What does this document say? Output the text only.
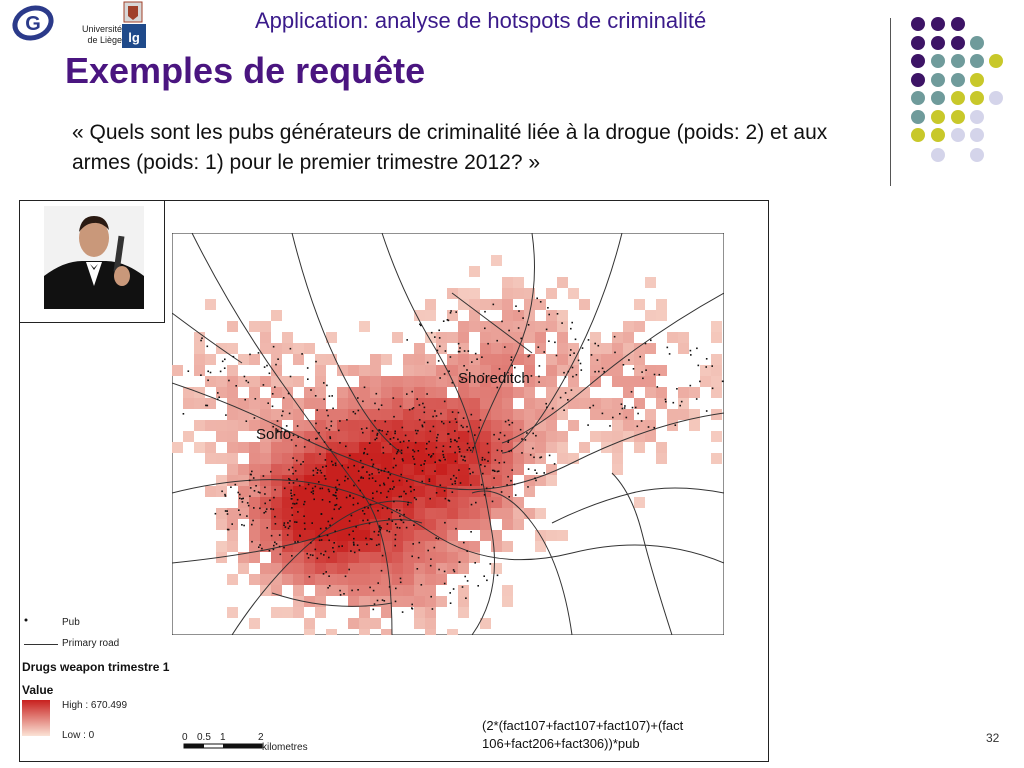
G	Université
de Liège lg
Application: analyse de hotspots de criminalité
Exemples de requête
« Quels sont les pubs générateurs de criminalité liée à la drogue (poids: 2) et aux armes (poids: 1) pour le premier trimestre 2012? »
Shoreditch
Soho
Pub
Primary road
Drugs weapon trimestre 1
Value
High : 670.499
Low : 0	0 0.5 1	2
kilometres
(2*(fact107+fact107+fact107)+(fact 106+fact206+fact306))*pub	32
